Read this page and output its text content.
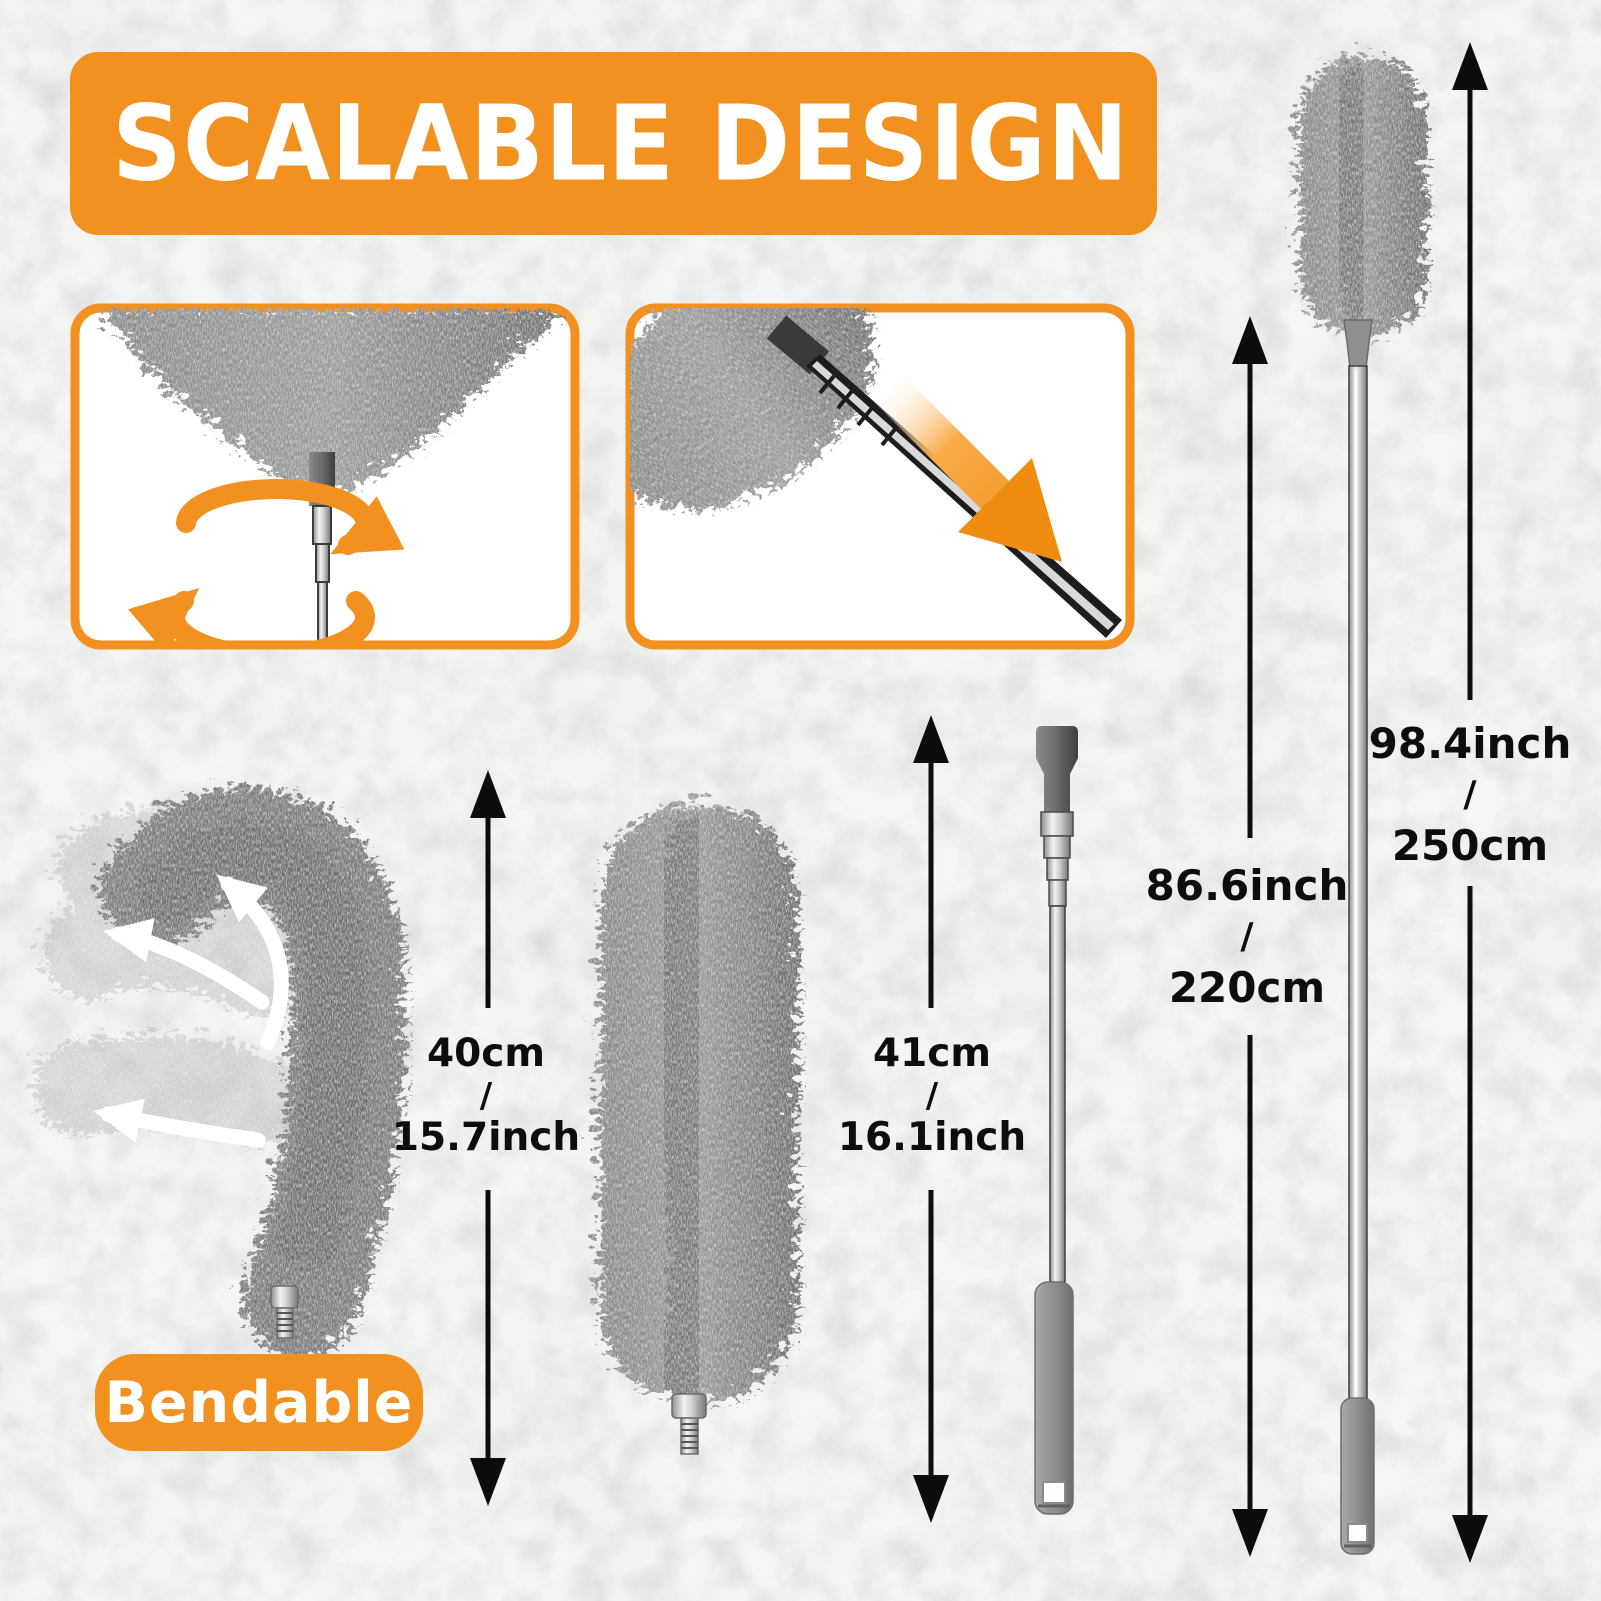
SCALABLE DESIGN
40cm
/
15.7inch
41cm
/
16.1inch
86.6inch
/
220cm
98.4inch
/
250cm
Bendable
